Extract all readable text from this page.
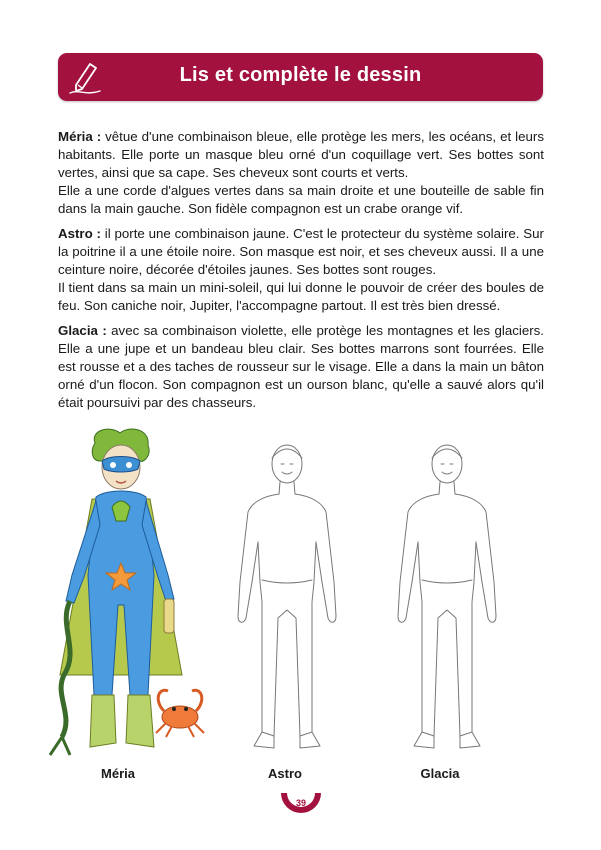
Lis et complète le dessin

Méria : vêtue d'une combinaison bleue, elle protège les mers, les océans, et leurs habitants. Elle porte un masque bleu orné d'un coquillage vert. Ses bottes sont vertes, ainsi que sa cape. Ses cheveux sont courts et verts.
Elle a une corde d'algues vertes dans sa main droite et une bouteille de sable fin dans la main gauche. Son fidèle compagnon est un crabe orange vif.

Astro : il porte une combinaison jaune. C'est le protecteur du système solaire. Sur la poitrine il a une étoile noire. Son masque est noir, et ses cheveux aussi. Il a une ceinture noire, décorée d'étoiles jaunes. Ses bottes sont rouges.
Il tient dans sa main un mini-soleil, qui lui donne le pouvoir de créer des boules de feu. Son caniche noir, Jupiter, l'accompagne partout. Il est très bien dressé.

Glacia : avec sa combinaison violette, elle protège les montagnes et les glaciers. Elle a une jupe et un bandeau bleu clair. Ses bottes marrons sont fourrées. Elle est rousse et a des taches de rousseur sur le visage. Elle a dans la main un bâton orné d'un flocon. Son compagnon est un ourson blanc, qu'elle a sauvé alors qu'il était poursuivi par des chasseurs.

Méria	Astro	Glacia
39
